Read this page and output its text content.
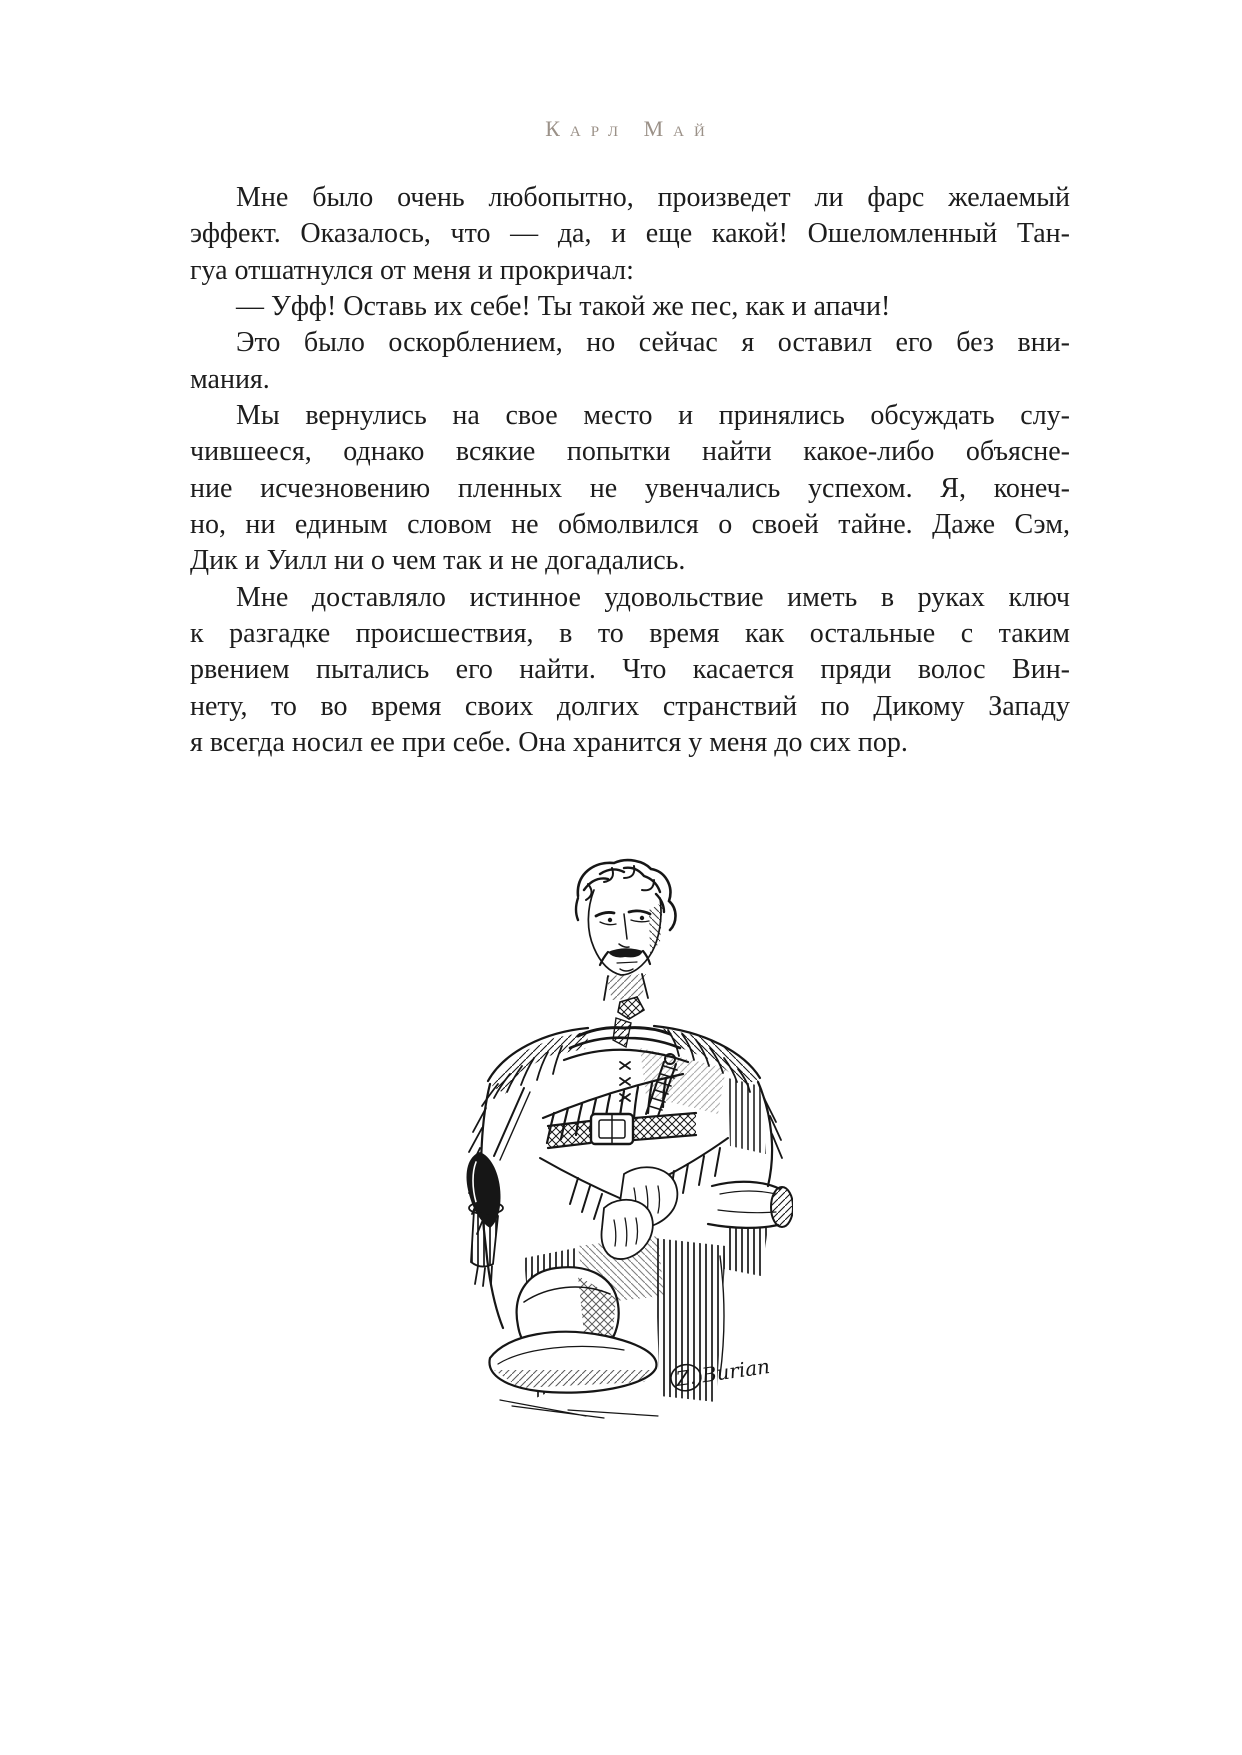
Карл Май
Мне было очень любопытно, произведет ли фарс желаемый
эффект. Оказалось, что — да, и еще какой! Ошеломленный Тан-
гуа отшатнулся от меня и прокричал:
— Уфф! Оставь их себе! Ты такой же пес, как и апачи!
Это было оскорблением, но сейчас я оставил его без вни-
мания.
Мы вернулись на свое место и принялись обсуждать слу-
чившееся, однако всякие попытки найти какое-либо объясне-
ние исчезновению пленных не увенчались успехом. Я, конеч-
но, ни единым словом не обмолвился о своей тайне. Даже Сэм,
Дик и Уилл ни о чем так и не догадались.
Мне доставляло истинное удовольствие иметь в руках ключ
к разгадке происшествия, в то время как остальные с таким
рвением пытались его найти. Что касается пряди волос Вин-
нету, то во время своих долгих странствий по Дикому Западу
я всегда носил ее при себе. Она хранится у меня до сих пор.
Z. Burian
